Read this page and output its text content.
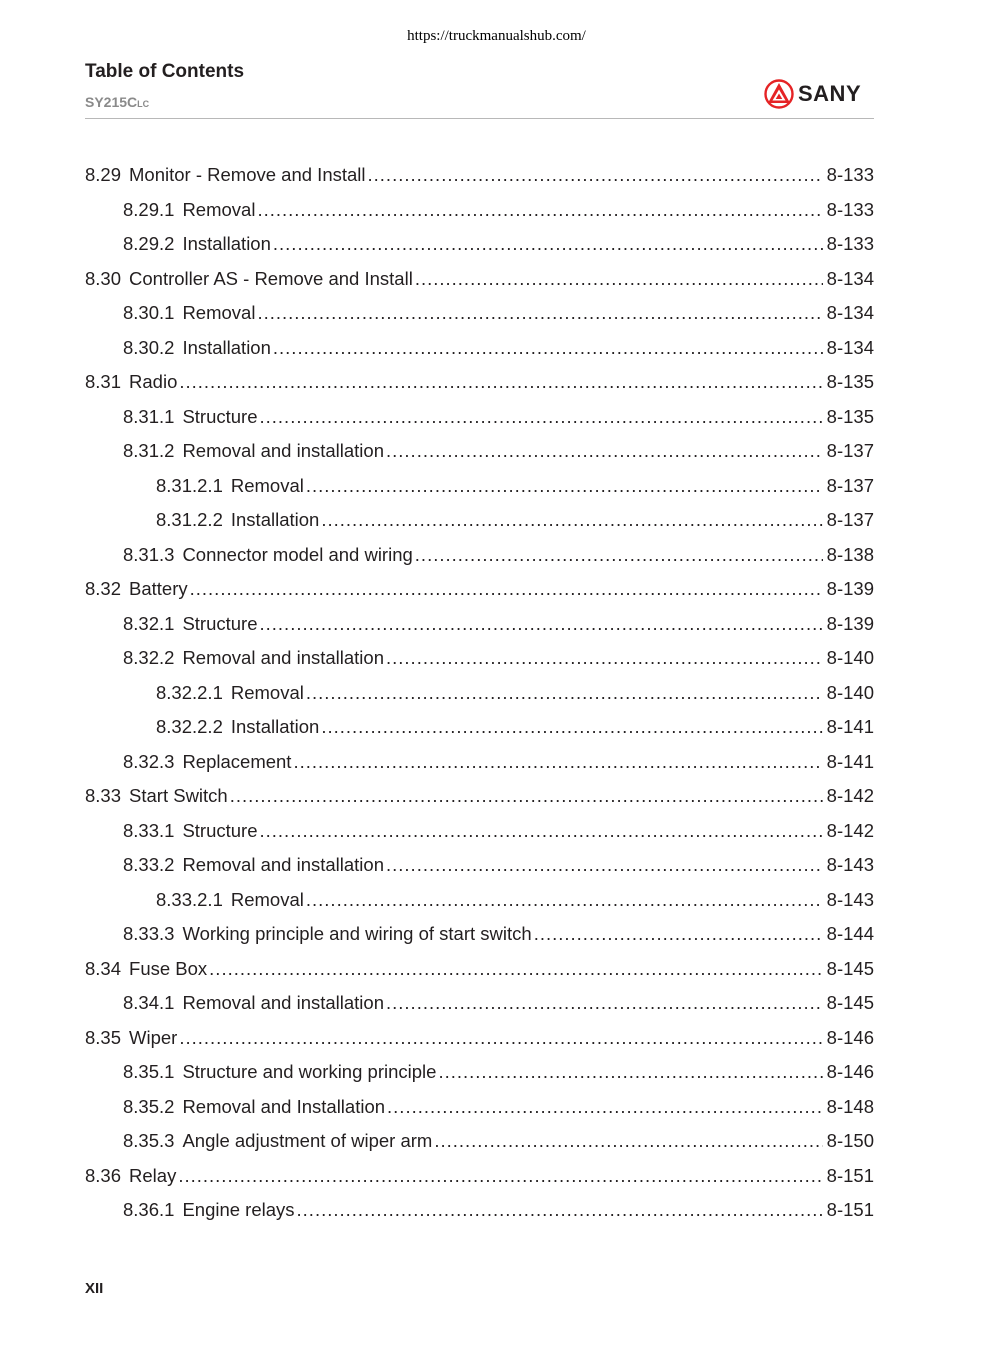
https://truckmanualshub.com/
Table of Contents
SY215CLC	SANY
8.29 Monitor - Remove and Install .....	8-133
8.29.1 Removal .....	8-133
8.29.2 Installation .....	8-133
8.30 Controller AS - Remove and Install .....	8-134
8.30.1 Removal .....	8-134
8.30.2 Installation .....	8-134
8.31 Radio .....	8-135
8.31.1 Structure .....	8-135
8.31.2 Removal and installation .....	8-137
8.31.2.1 Removal .....	8-137
8.31.2.2 Installation .....	8-137
8.31.3 Connector model and wiring .....	8-138
8.32 Battery .....	8-139
8.32.1 Structure .....	8-139
8.32.2 Removal and installation .....	8-140
8.32.2.1 Removal .....	8-140
8.32.2.2 Installation .....	8-141
8.32.3 Replacement .....	8-141
8.33 Start Switch .....	8-142
8.33.1 Structure .....	8-142
8.33.2 Removal and installation .....	8-143
8.33.2.1 Removal .....	8-143
8.33.3 Working principle and wiring of start switch .....	8-144
8.34 Fuse Box .....	8-145
8.34.1 Removal and installation .....	8-145
8.35 Wiper .....	8-146
8.35.1 Structure and working principle .....	8-146
8.35.2 Removal and Installation .....	8-148
8.35.3 Angle adjustment of wiper arm .....	8-150
8.36 Relay .....	8-151
8.36.1 Engine relays .....	8-151
XII
